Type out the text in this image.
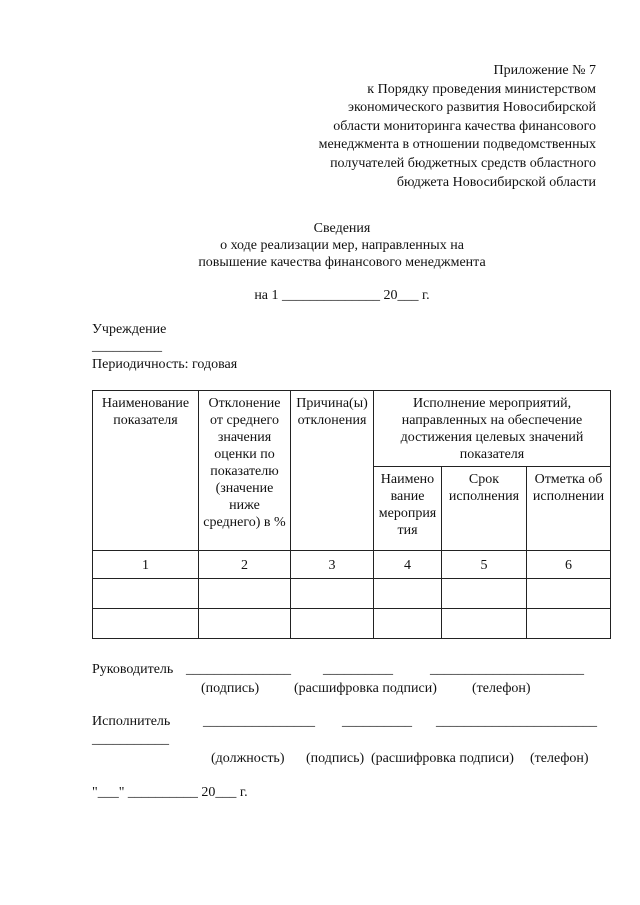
Приложение № 7
к Порядку проведения министерством
экономического развития Новосибирской
области мониторинга качества финансового
менеджмента в отношении подведомственных
получателей бюджетных средств областного
бюджета Новосибирской области
Сведения
о ходе реализации мер, направленных на
повышение качества финансового менеджмента
на 1 ______________ 20___ г.
Учреждение
__________
Периодичность: годовая
Наименование показателя	Отклонение от среднего значения оценки по показателю (значение ниже среднего) в %	Причина(ы) отклонения	Исполнение мероприятий, направленных на обеспечение достижения целевых значений показателя		
			Наимено вание мероприя тия	Срок исполнения	Отметка об исполнении
1	2	3	4	5	6

Руководитель _______________ __________	______________________
(подпись) (расшифровка подписи)	(телефон)
Исполнитель ________________ __________ _______________________
___________
(должность) (подпись) (расшифровка подписи) (телефон)
"___" __________ 20___ г.
